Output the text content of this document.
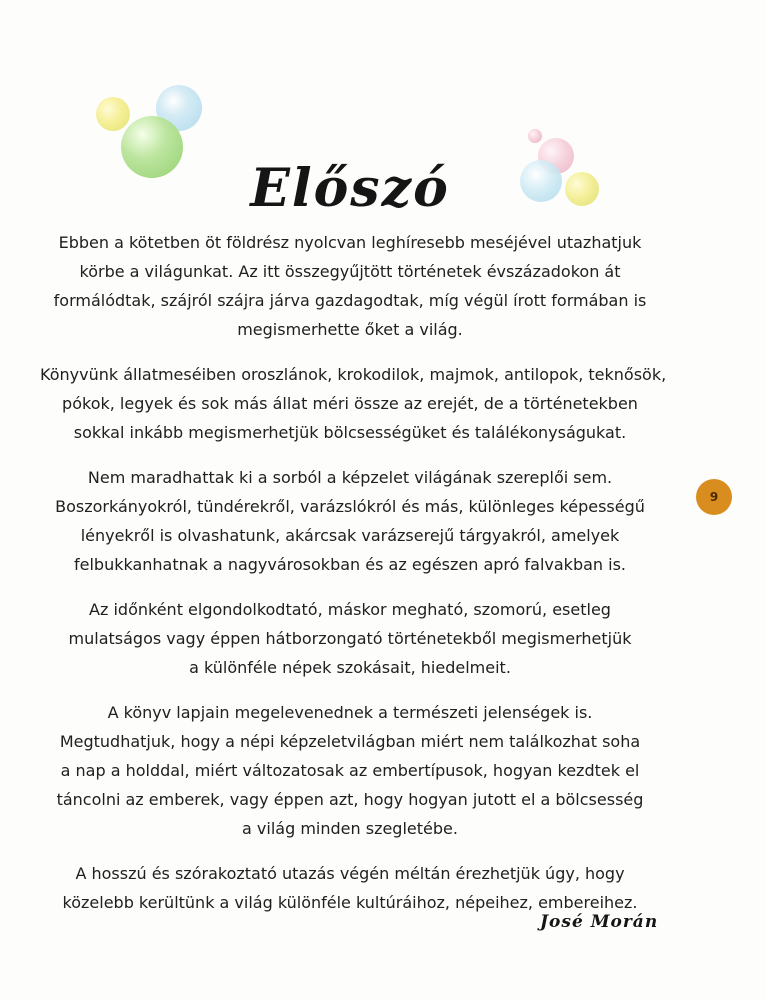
Előszó

Ebben a kötetben öt földrész nyolcvan leghíresebb meséjével utazhatjuk
körbe a világunkat. Az itt összegyűjtött történetek évszázadokon át
formálódtak, szájról szájra járva gazdagodtak, míg végül írott formában is
megismerhette őket a világ.

Könyvünk állatmeséiben oroszlánok, krokodilok, majmok, antilopok, teknősök,
pókok, legyek és sok más állat méri össze az erejét, de a történetekben
sokkal inkább megismerhetjük bölcsességüket és találékonyságukat.

Nem maradhattak ki a sorból a képzelet világának szereplői sem.
Boszorkányokról, tündérekről, varázslókról és más, különleges képességű
lényekről is olvashatunk, akárcsak varázserejű tárgyakról, amelyek
felbukkanhatnak a nagyvárosokban és az egészen apró falvakban is.

Az időnként elgondolkodtató, máskor megható, szomorú, esetleg
mulatságos vagy éppen hátborzongató történetekből megismerhetjük
a különféle népek szokásait, hiedelmeit.

A könyv lapjain megelevenednek a természeti jelenségek is.
Megtudhatjuk, hogy a népi képzeletvilágban miért nem találkozhat soha
a nap a holddal, miért változatosak az embertípusok, hogyan kezdtek el
táncolni az emberek, vagy éppen azt, hogy hogyan jutott el a bölcsesség
a világ minden szegletébe.

A hosszú és szórakoztató utazás végén méltán érezhetjük úgy, hogy
közelebb kerültünk a világ különféle kultúráihoz, népeihez, embereihez.

9
José Morán
